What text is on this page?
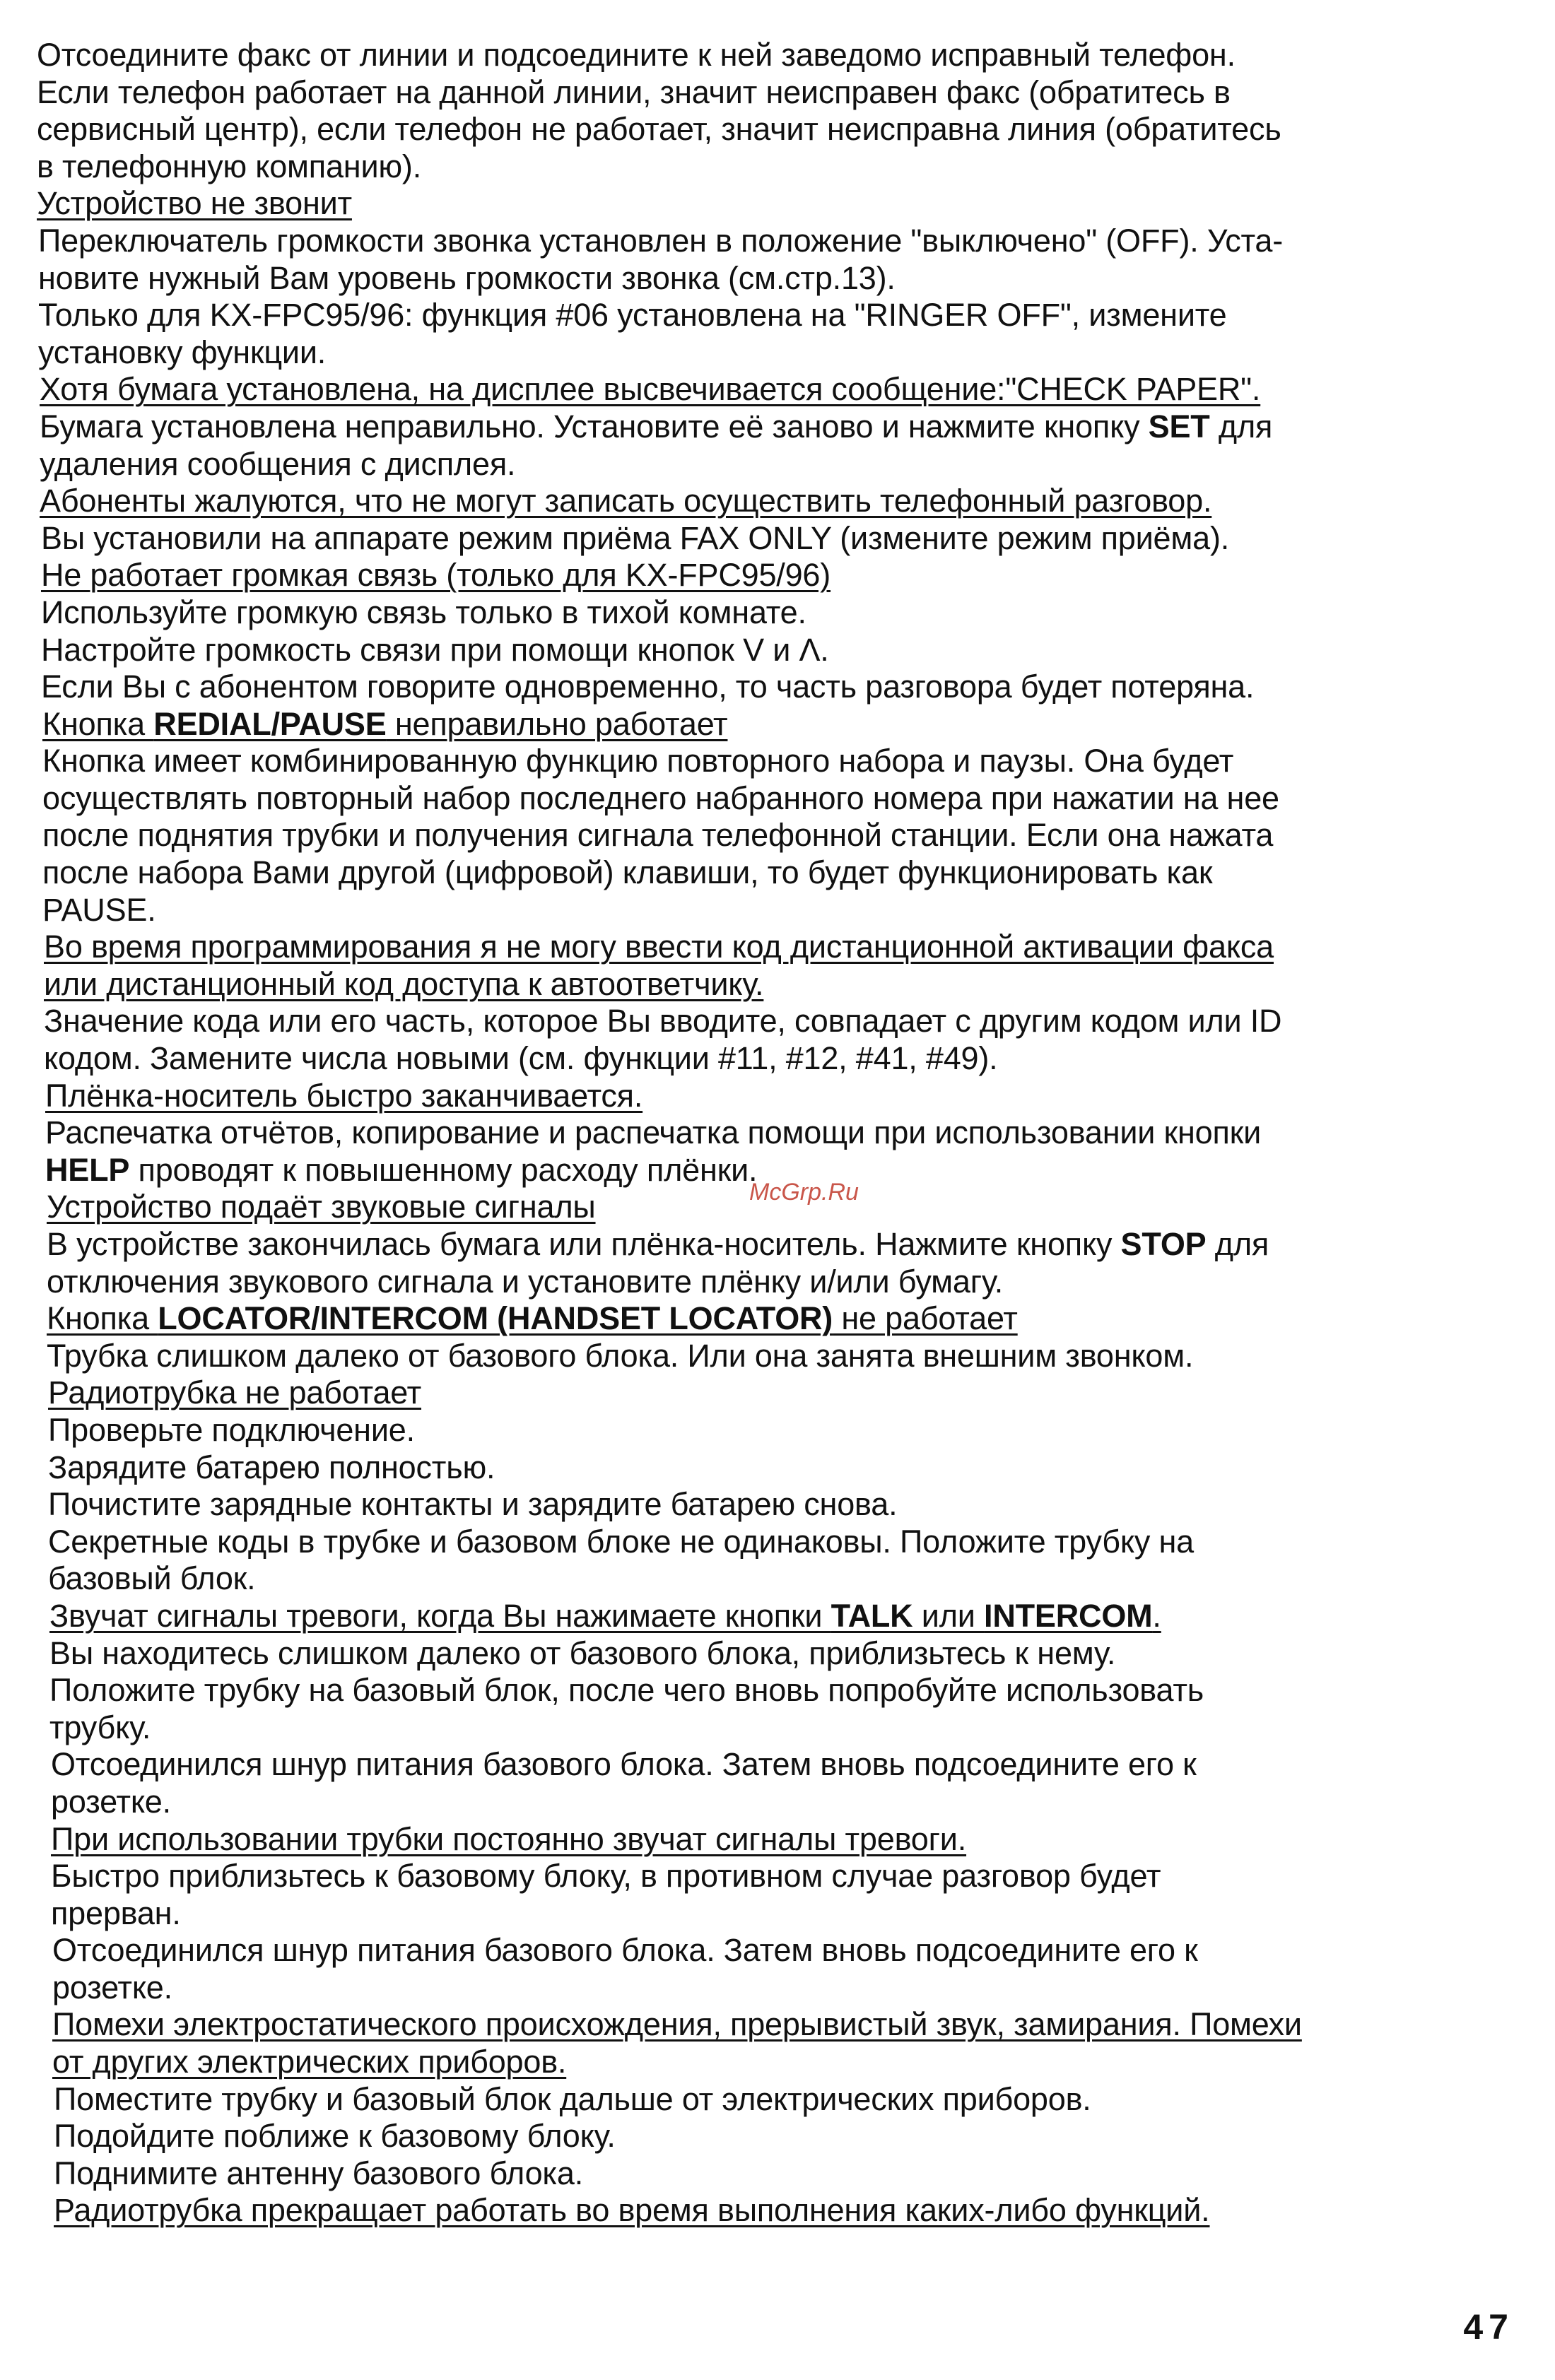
Отсоедините факс от линии и подсоедините к ней заведомо исправный телефон.
Если телефон работает на данной линии, значит неисправен факс (обратитесь в
сервисный центр), если телефон не работает, значит неисправна линия (обратитесь
в телефонную компанию).
Устройство не звонит
Переключатель громкости звонка установлен в положение "выключено" (OFF). Уста-
новите нужный Вам уровень громкости звонка (см.стр.13).
Только для KX-FPC95/96: функция #06 установлена на "RINGER OFF", измените
установку функции.
Хотя бумага установлена, на дисплее высвечивается сообщение:"CHECK PAPER".
Бумага установлена неправильно. Установите её заново и нажмите кнопку SET для
удаления сообщения с дисплея.
Абоненты жалуются, что не могут записать осуществить телефонный разговор.
Вы установили на аппарате режим приёма FAX ONLY (измените режим приёма).
Не работает громкая связь (только для KX-FPC95/96)
Используйте громкую связь только в тихой комнате.
Настройте громкость связи при помощи кнопок V и Λ.
Если Вы с абонентом говорите одновременно, то часть разговора будет потеряна.
Кнопка REDIAL/PAUSE неправильно работает
Кнопка имеет комбинированную функцию повторного набора и паузы. Она будет
осуществлять повторный набор последнего набранного номера при нажатии на нее
после поднятия трубки и получения сигнала телефонной станции. Если она нажата
после набора Вами другой (цифровой) клавиши, то будет функционировать как
PAUSE.
Во время программирования я не могу ввести код дистанционной активации факса
или дистанционный код доступа к автоответчику.
Значение кода или его часть, которое Вы вводите, совпадает с другим кодом или ID
кодом. Замените числа новыми (см. функции #11, #12, #41, #49).
Плёнка-носитель быстро заканчивается.
Распечатка отчётов, копирование и распечатка помощи при использовании кнопки
HELP проводят к повышенному расходу плёнки.
Устройство подаёт звуковые сигналы
В устройстве закончилась бумага или плёнка-носитель. Нажмите кнопку STOP для
отключения звукового сигнала и установите плёнку и/или бумагу.
Кнопка LOCATOR/INTERCOM (HANDSET LOCATOR) не работает
Трубка слишком далеко от базового блока. Или она занята внешним звонком.
Радиотрубка не работает
Проверьте подключение.
Зарядите батарею полностью.
Почистите зарядные контакты и зарядите батарею снова.
Секретные коды в трубке и базовом блоке не одинаковы. Положите трубку на
базовый блок.
Звучат сигналы тревоги, когда Вы нажимаете кнопки TALK или INTERCOM.
Вы находитесь слишком далеко от базового блока, приблизьтесь к нему.
Положите трубку на базовый блок, после чего вновь попробуйте использовать
трубку.
Отсоединился шнур питания базового блока. Затем вновь подсоедините его к
розетке.
При использовании трубки постоянно звучат сигналы тревоги.
Быстро приблизьтесь к базовому блоку, в противном случае разговор будет
прерван.
Отсоединился шнур питания базового блока. Затем вновь подсоедините его к
розетке.
Помехи электростатического происхождения, прерывистый звук, замирания. Помехи
от других электрических приборов.
Поместите трубку и базовый блок дальше от электрических приборов.
Подойдите поближе к базовому блоку.
Поднимите антенну базового блока.
Радиотрубка прекращает работать во время выполнения каких-либо функций.
McGrp.Ru
47
